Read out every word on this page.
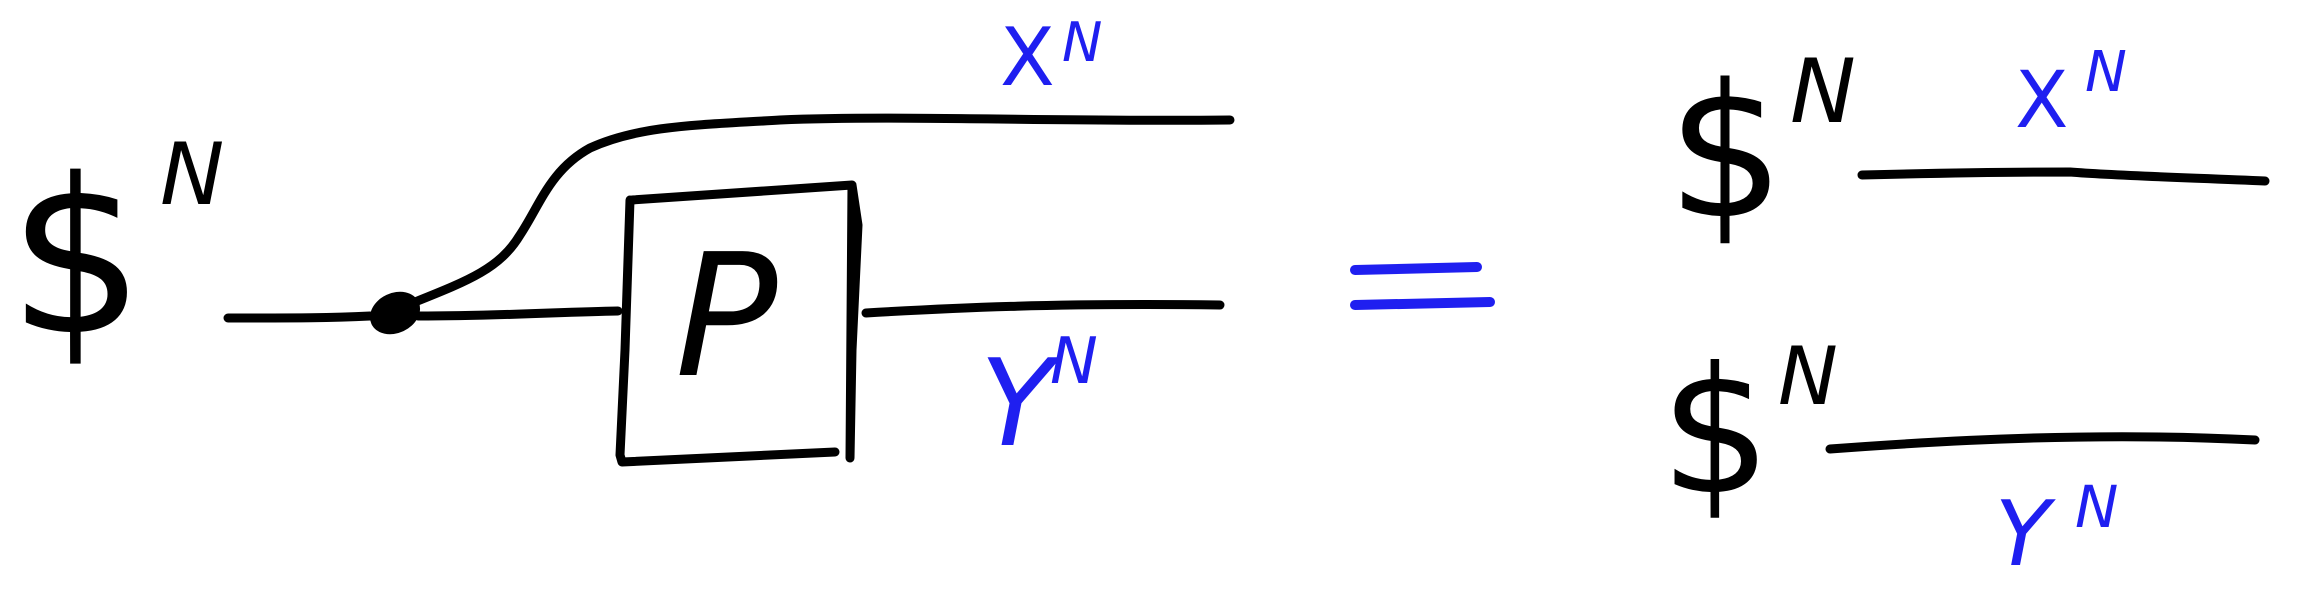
$ N
P
X N
Y
N
$ N X N
$ N
Y N
